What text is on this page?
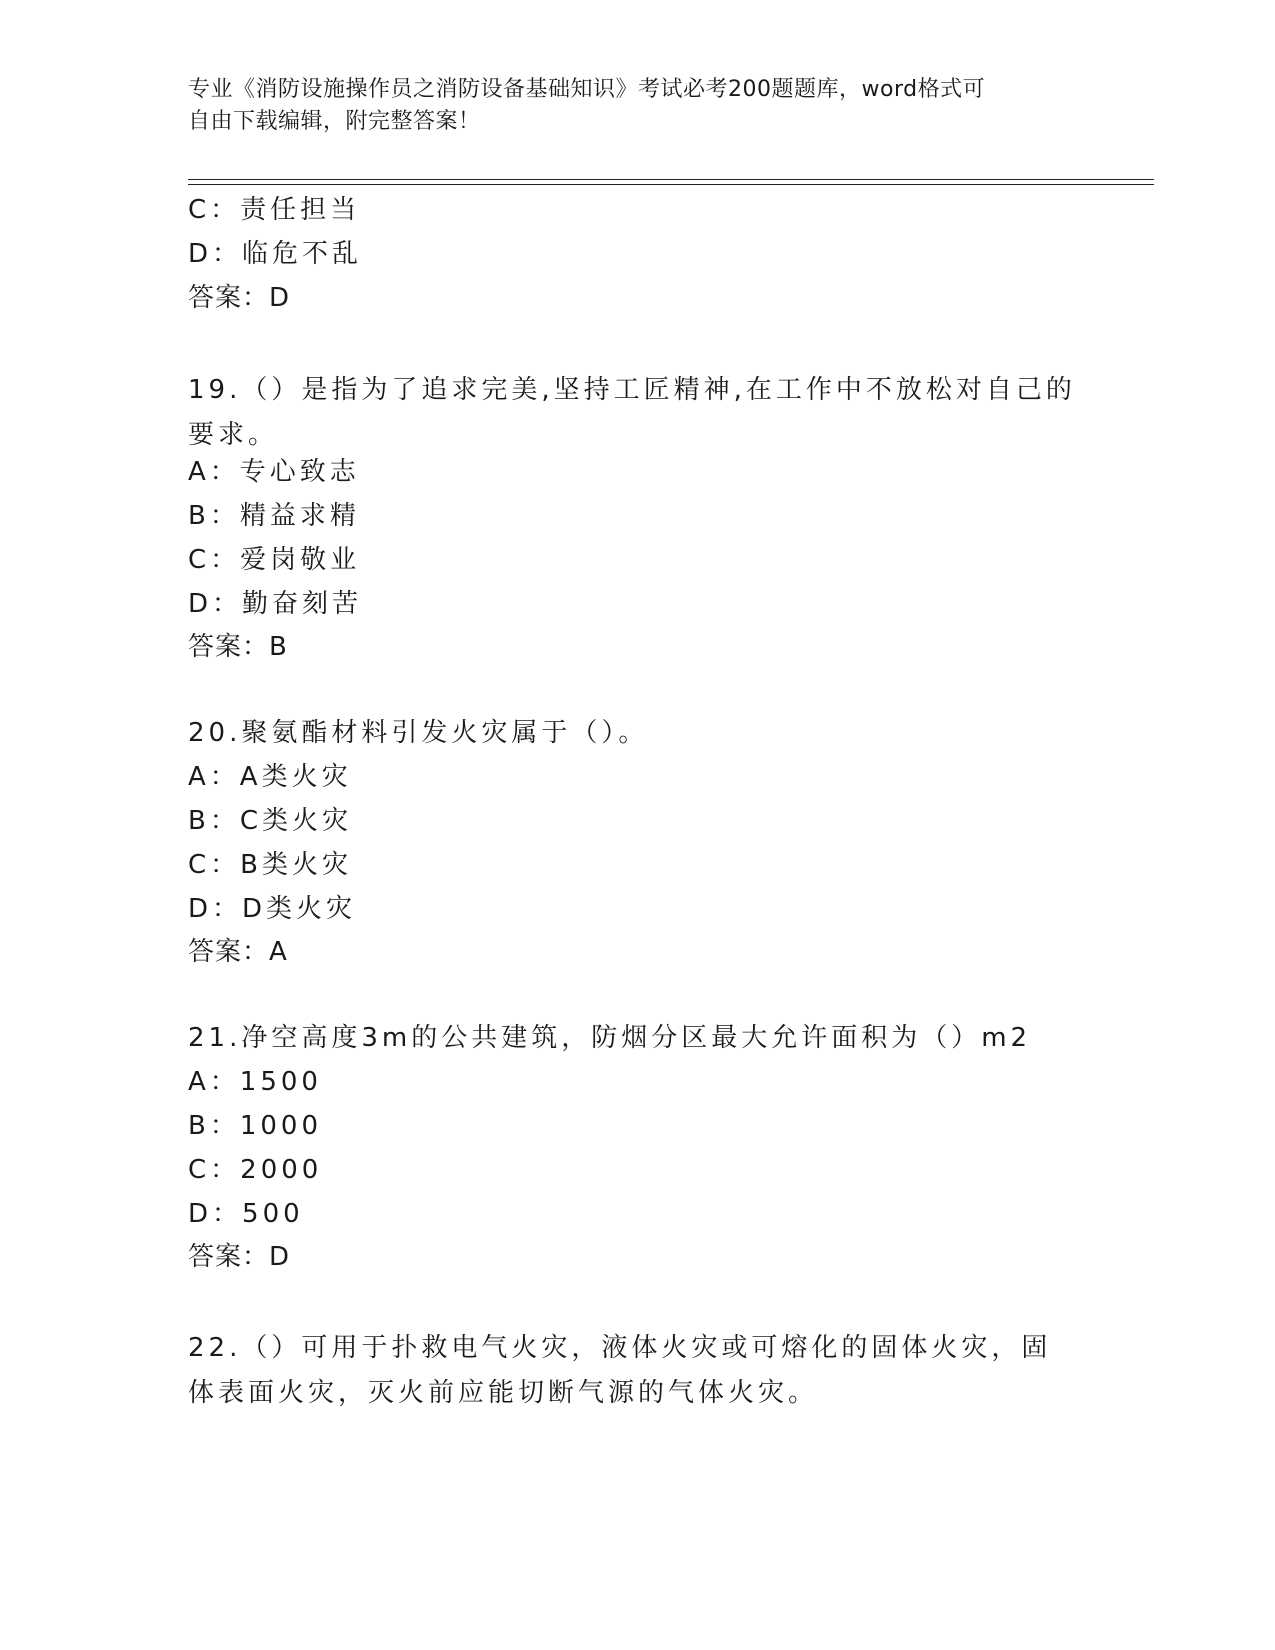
专业《消防设施操作员之消防设备基础知识》考试必考200题题库，word格式可
自由下载编辑，附完整答案！
C：责任担当
D：临危不乱
答案：D
19.（）是指为了追求完美,坚持工匠精神,在工作中不放松对自己的要求。
A：专心致志
B：精益求精
C：爱岗敬业
D：勤奋刻苦
答案：B
20.聚氨酯材料引发火灾属于（）。
A：A类火灾
B：C类火灾
C：B类火灾
D：D类火灾
答案：A
21.净空高度3m的公共建筑，防烟分区最大允许面积为（）m2
A：1500
B：1000
C：2000
D：500
答案：D
22.（）可用于扑救电气火灾，液体火灾或可熔化的固体火灾，固体表面火灾，灭火前应能切断气源的气体火灾。
